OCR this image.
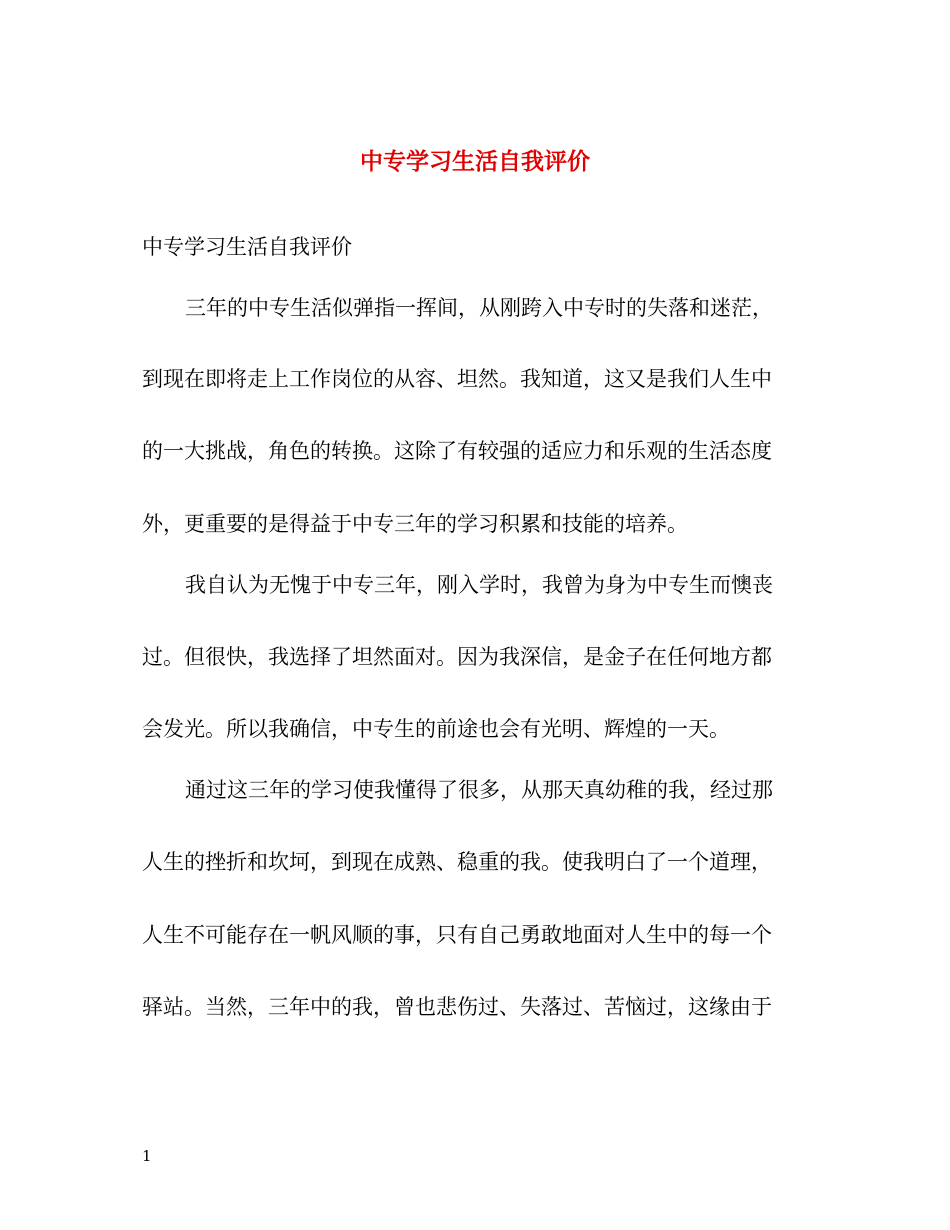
中专学习生活自我评价
中专学习生活自我评价
三年的中专生活似弹指一挥间，从刚跨入中专时的失落和迷茫，
到现在即将走上工作岗位的从容、坦然。我知道，这又是我们人生中
的一大挑战，角色的转换。这除了有较强的适应力和乐观的生活态度
外，更重要的是得益于中专三年的学习积累和技能的培养。
我自认为无愧于中专三年，刚入学时，我曾为身为中专生而懊丧
过。但很快，我选择了坦然面对。因为我深信，是金子在任何地方都
会发光。所以我确信，中专生的前途也会有光明、辉煌的一天。
通过这三年的学习使我懂得了很多，从那天真幼稚的我，经过那
人生的挫折和坎坷，到现在成熟、稳重的我。使我明白了一个道理，
人生不可能存在一帆风顺的事，只有自己勇敢地面对人生中的每一个
驿站。当然，三年中的我，曾也悲伤过、失落过、苦恼过，这缘由于
1
